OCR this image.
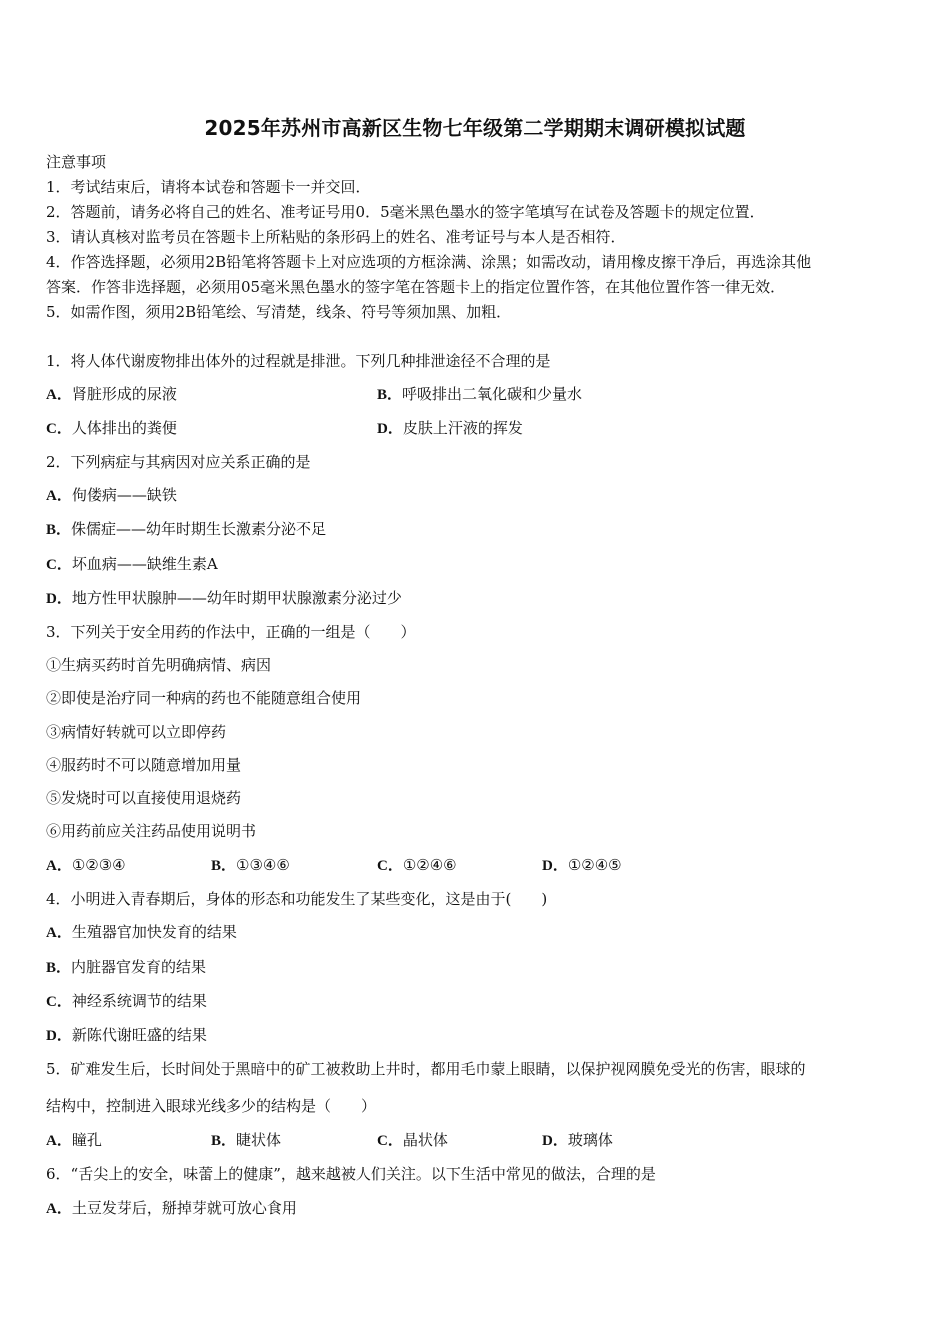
2025年苏州市高新区生物七年级第二学期期末调研模拟试题
注意事项
1．考试结束后，请将本试卷和答题卡一并交回．
2．答题前，请务必将自己的姓名、准考证号用0．5毫米黑色墨水的签字笔填写在试卷及答题卡的规定位置．
3．请认真核对监考员在答题卡上所粘贴的条形码上的姓名、准考证号与本人是否相符．
4．作答选择题，必须用2B铅笔将答题卡上对应选项的方框涂满、涂黑；如需改动，请用橡皮擦干净后，再选涂其他
答案．作答非选择题，必须用05毫米黑色墨水的签字笔在答题卡上的指定位置作答，在其他位置作答一律无效．
5．如需作图，须用2B铅笔绘、写清楚，线条、符号等须加黑、加粗．
1．将人体代谢废物排出体外的过程就是排泄。下列几种排泄途径不合理的是
A．肾脏形成的尿液	B．呼吸排出二氧化碳和少量水
C．人体排出的粪便	D．皮肤上汗液的挥发
2．下列病症与其病因对应关系正确的是
A．佝偻病——缺铁
B．侏儒症——幼年时期生长激素分泌不足
C．坏血病——缺维生素A
D．地方性甲状腺肿——幼年时期甲状腺激素分泌过少
3．下列关于安全用药的作法中，正确的一组是（　　）
①生病买药时首先明确病情、病因
②即使是治疗同一种病的药也不能随意组合使用
③病情好转就可以立即停药
④服药时不可以随意增加用量
⑤发烧时可以直接使用退烧药
⑥用药前应关注药品使用说明书
A．①②③④	B．①③④⑥	C．①②④⑥	D．①②④⑤
4．小明进入青春期后，身体的形态和功能发生了某些变化，这是由于(　　)
A．生殖器官加快发育的结果
B．内脏器官发育的结果
C．神经系统调节的结果
D．新陈代谢旺盛的结果
5．矿难发生后，长时间处于黑暗中的矿工被救助上井时，都用毛巾蒙上眼睛，以保护视网膜免受光的伤害，眼球的
结构中，控制进入眼球光线多少的结构是（　　）
A．瞳孔	B．睫状体	C．晶状体	D．玻璃体
6．“舌尖上的安全，味蕾上的健康”，越来越被人们关注。以下生活中常见的做法，合理的是
A．土豆发芽后，掰掉芽就可放心食用
